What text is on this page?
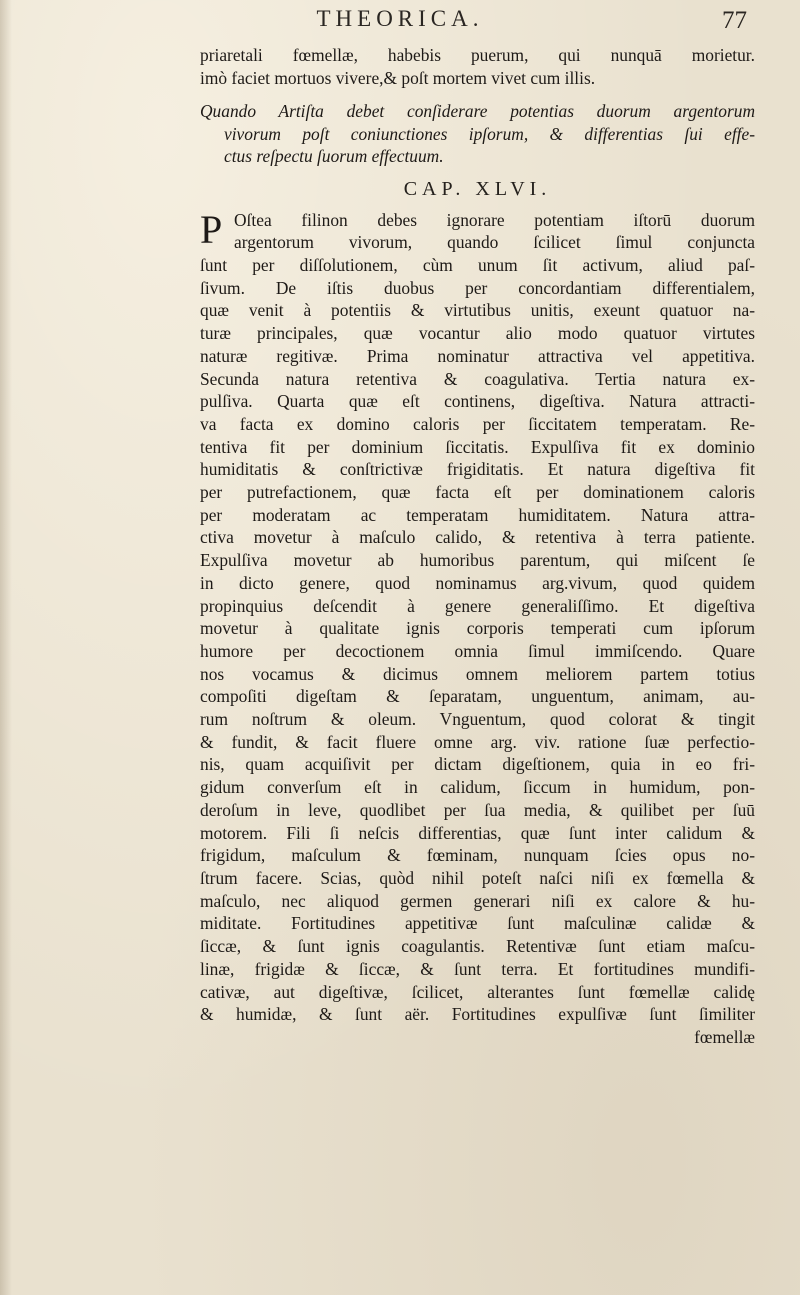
THEORICA.	77
priaretali fœmellæ, habebis puerum, qui nunquā morietur.
imò faciet mortuos vivere,& poſt mortem vivet cum illis.
Quando Artiſta debet conſiderare potentias duorum argentorum
vivorum poſt coniunctiones ipſorum, & differentias ſui effe-
ctus reſpectu ſuorum effectuum.
CAP. XLVI.
P Oſtea filinon debes ignorare potentiam iſtorū duorum
argentorum vivorum, quando ſcilicet ſimul conjuncta
ſunt per diſſolutionem, cùm unum ſit activum, aliud paſ-
ſivum. De iſtis duobus per concordantiam differentialem,
quæ venit à potentiis & virtutibus unitis, exeunt quatuor na-
turæ principales, quæ vocantur alio modo quatuor virtutes
naturæ regitivæ. Prima nominatur attractiva vel appetitiva.
Secunda natura retentiva & coagulativa. Tertia natura ex-
pulſiva. Quarta quæ eſt continens, digeſtiva. Natura attracti-
va facta ex domino caloris per ſiccitatem temperatam. Re-
tentiva fit per dominium ſiccitatis. Expulſiva fit ex dominio
humiditatis & conſtrictivæ frigiditatis. Et natura digeſtiva fit
per putrefactionem, quæ facta eſt per dominationem caloris
per moderatam ac temperatam humiditatem. Natura attra-
ctiva movetur à maſculo calido, & retentiva à terra patiente.
Expulſiva movetur ab humoribus parentum, qui miſcent ſe
in dicto genere, quod nominamus arg.vivum, quod quidem
propinquius deſcendit à genere generaliſſimo. Et digeſtiva
movetur à qualitate ignis corporis temperati cum ipſorum
humore per decoctionem omnia ſimul immiſcendo. Quare
nos vocamus & dicimus omnem meliorem partem totius
compoſiti digeſtam & ſeparatam, unguentum, animam, au-
rum noſtrum & oleum. Vnguentum, quod colorat & tingit
& fundit, & facit fluere omne arg. viv. ratione ſuæ perfectio-
nis, quam acquiſivit per dictam digeſtionem, quia in eo fri-
gidum converſum eſt in calidum, ſiccum in humidum, pon-
deroſum in leve, quodlibet per ſua media, & quilibet per ſuū
motorem. Fili ſi neſcis differentias, quæ ſunt inter calidum &
frigidum, maſculum & fœminam, nunquam ſcies opus no-
ſtrum facere. Scias, quòd nihil poteſt naſci niſi ex fœmella &
maſculo, nec aliquod germen generari niſi ex calore & hu-
miditate. Fortitudines appetitivæ ſunt maſculinæ calidæ &
ſiccæ, & ſunt ignis coagulantis. Retentivæ ſunt etiam maſcu-
linæ, frigidæ & ſiccæ, & ſunt terra. Et fortitudines mundifi-
cativæ, aut digeſtivæ, ſcilicet, alterantes ſunt fœmellæ calidę
& humidæ, & ſunt aër. Fortitudines expulſivæ ſunt ſimiliter
fœmellæ
